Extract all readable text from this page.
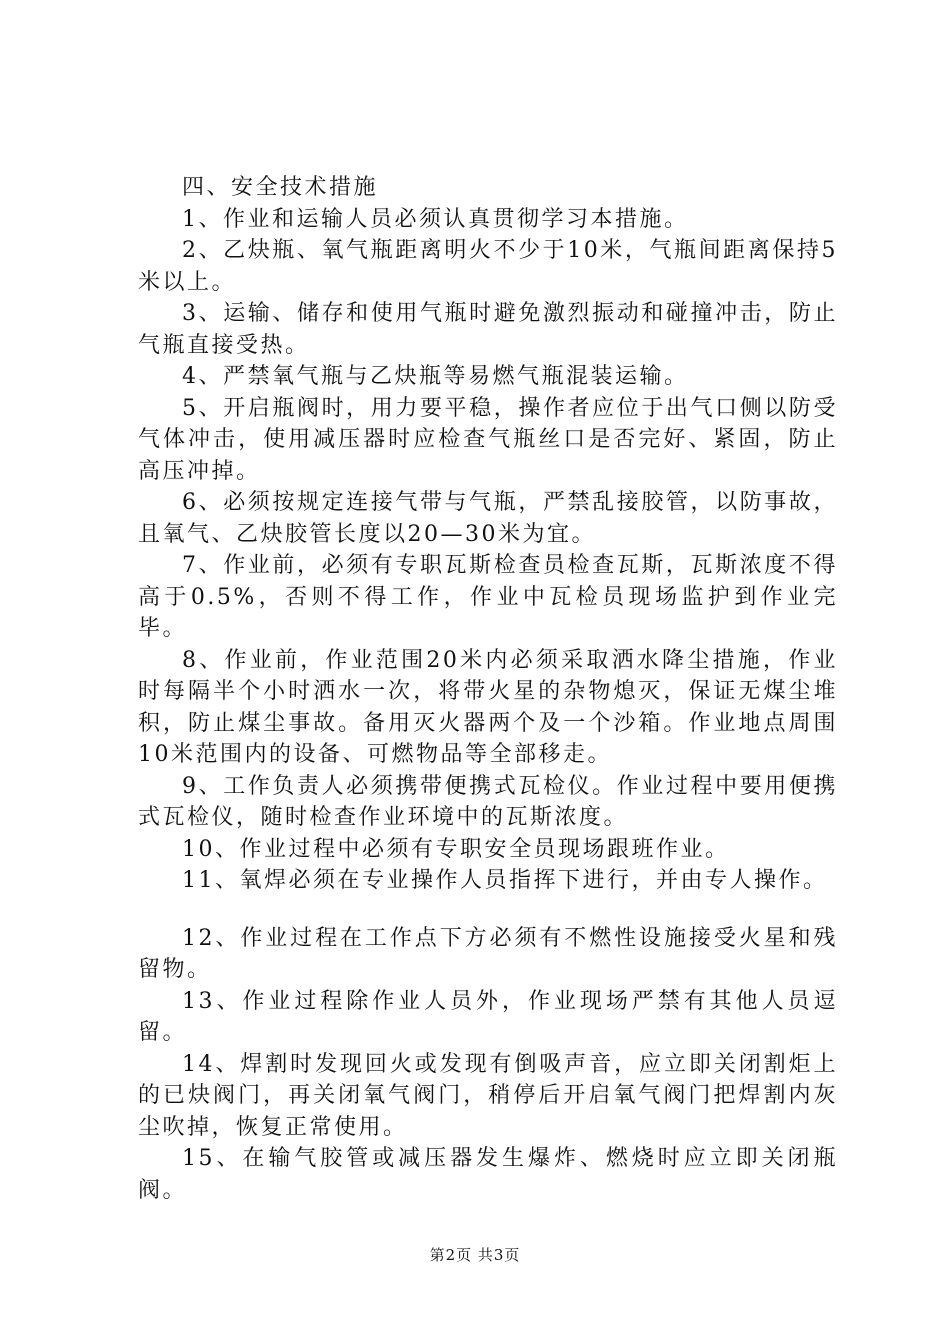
四、安全技术措施

1、作业和运输人员必须认真贯彻学习本措施。

2、乙炔瓶、氧气瓶距离明火不少于10米，气瓶间距离保持5米以上。

3、运输、储存和使用气瓶时避免激烈振动和碰撞冲击，防止气瓶直接受热。

4、严禁氧气瓶与乙炔瓶等易燃气瓶混装运输。

5、开启瓶阀时，用力要平稳，操作者应位于出气口侧以防受气体冲击，使用减压器时应检查气瓶丝口是否完好、紧固，防止高压冲掉。

6、必须按规定连接气带与气瓶，严禁乱接胶管，以防事故，且氧气、乙炔胶管长度以20—30米为宜。

7、作业前，必须有专职瓦斯检查员检查瓦斯，瓦斯浓度不得高于0.5%，否则不得工作，作业中瓦检员现场监护到作业完毕。

8、作业前，作业范围20米内必须采取洒水降尘措施，作业时每隔半个小时洒水一次，将带火星的杂物熄灭，保证无煤尘堆积，防止煤尘事故。备用灭火器两个及一个沙箱。作业地点周围10米范围内的设备、可燃物品等全部移走。

9、工作负责人必须携带便携式瓦检仪。作业过程中要用便携式瓦检仪，随时检查作业环境中的瓦斯浓度。

10、作业过程中必须有专职安全员现场跟班作业。

11、氧焊必须在专业操作人员指挥下进行，并由专人操作。

12、作业过程在工作点下方必须有不燃性设施接受火星和残留物。

13、作业过程除作业人员外，作业现场严禁有其他人员逗留。

14、焊割时发现回火或发现有倒吸声音，应立即关闭割炬上的已炔阀门，再关闭氧气阀门，稍停后开启氧气阀门把焊割内灰尘吹掉，恢复正常使用。

15、在输气胶管或减压器发生爆炸、燃烧时应立即关闭瓶阀。

第2页 共3页
